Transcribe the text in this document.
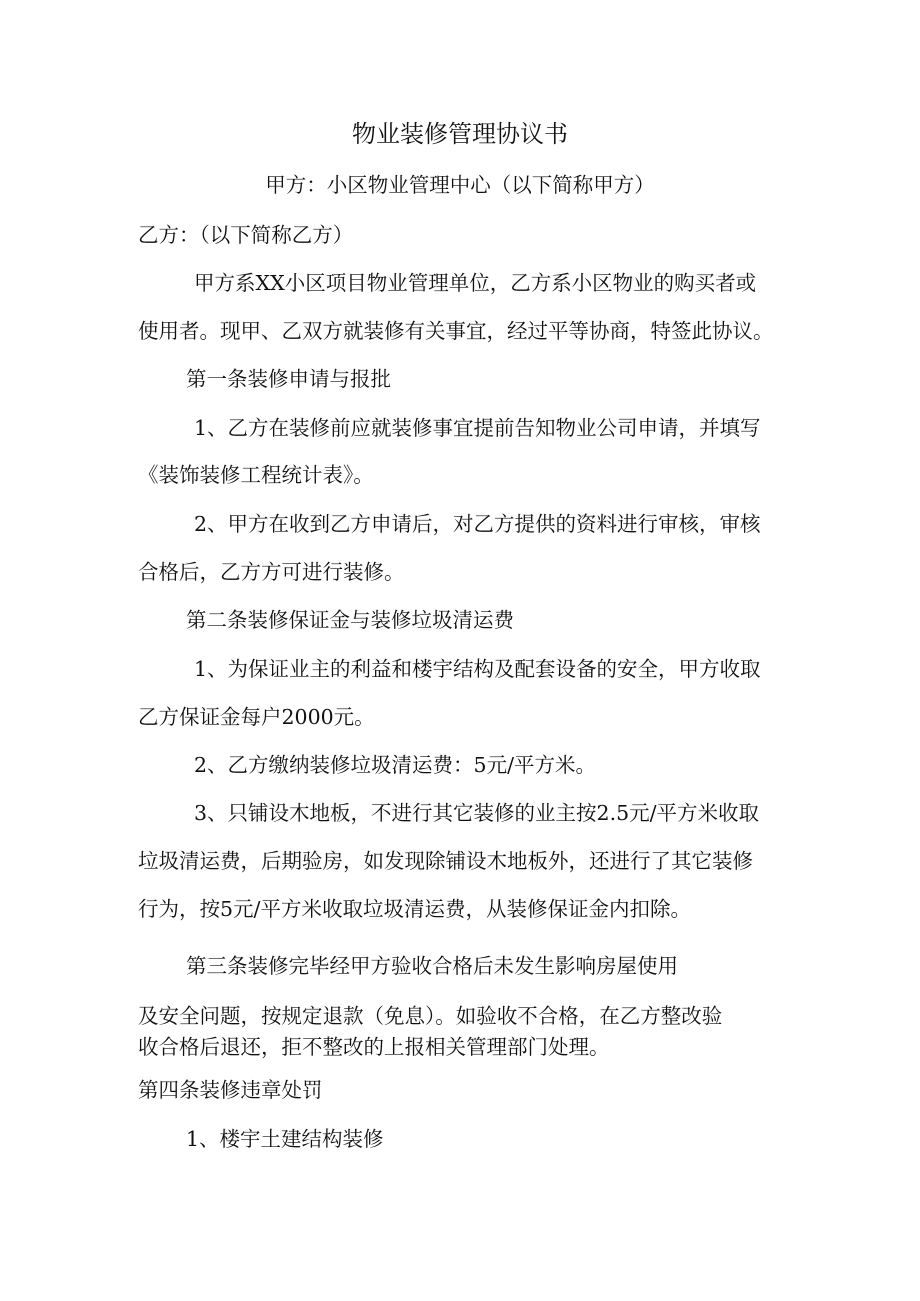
物业装修管理协议书
甲方：小区物业管理中心（以下简称甲方）
乙方：（以下简称乙方）
甲方系XX小区项目物业管理单位，乙方系小区物业的购买者或
使用者。现甲、乙双方就装修有关事宜，经过平等协商，特签此协议。
第一条装修申请与报批
1、乙方在装修前应就装修事宜提前告知物业公司申请，并填写
《装饰装修工程统计表》。
2、甲方在收到乙方申请后，对乙方提供的资料进行审核，审核
合格后，乙方方可进行装修。
第二条装修保证金与装修垃圾清运费
1、为保证业主的利益和楼宇结构及配套设备的安全，甲方收取
乙方保证金每户2000元。
2、乙方缴纳装修垃圾清运费：5元/平方米。
3、只铺设木地板，不进行其它装修的业主按2.5元/平方米收取
垃圾清运费，后期验房，如发现除铺设木地板外，还进行了其它装修
行为，按5元/平方米收取垃圾清运费，从装修保证金内扣除。
第三条装修完毕经甲方验收合格后未发生影响房屋使用
及安全问题，按规定退款（免息）。如验收不合格，在乙方整改验
收合格后退还，拒不整改的上报相关管理部门处理。
第四条装修违章处罚
1、楼宇土建结构装修
